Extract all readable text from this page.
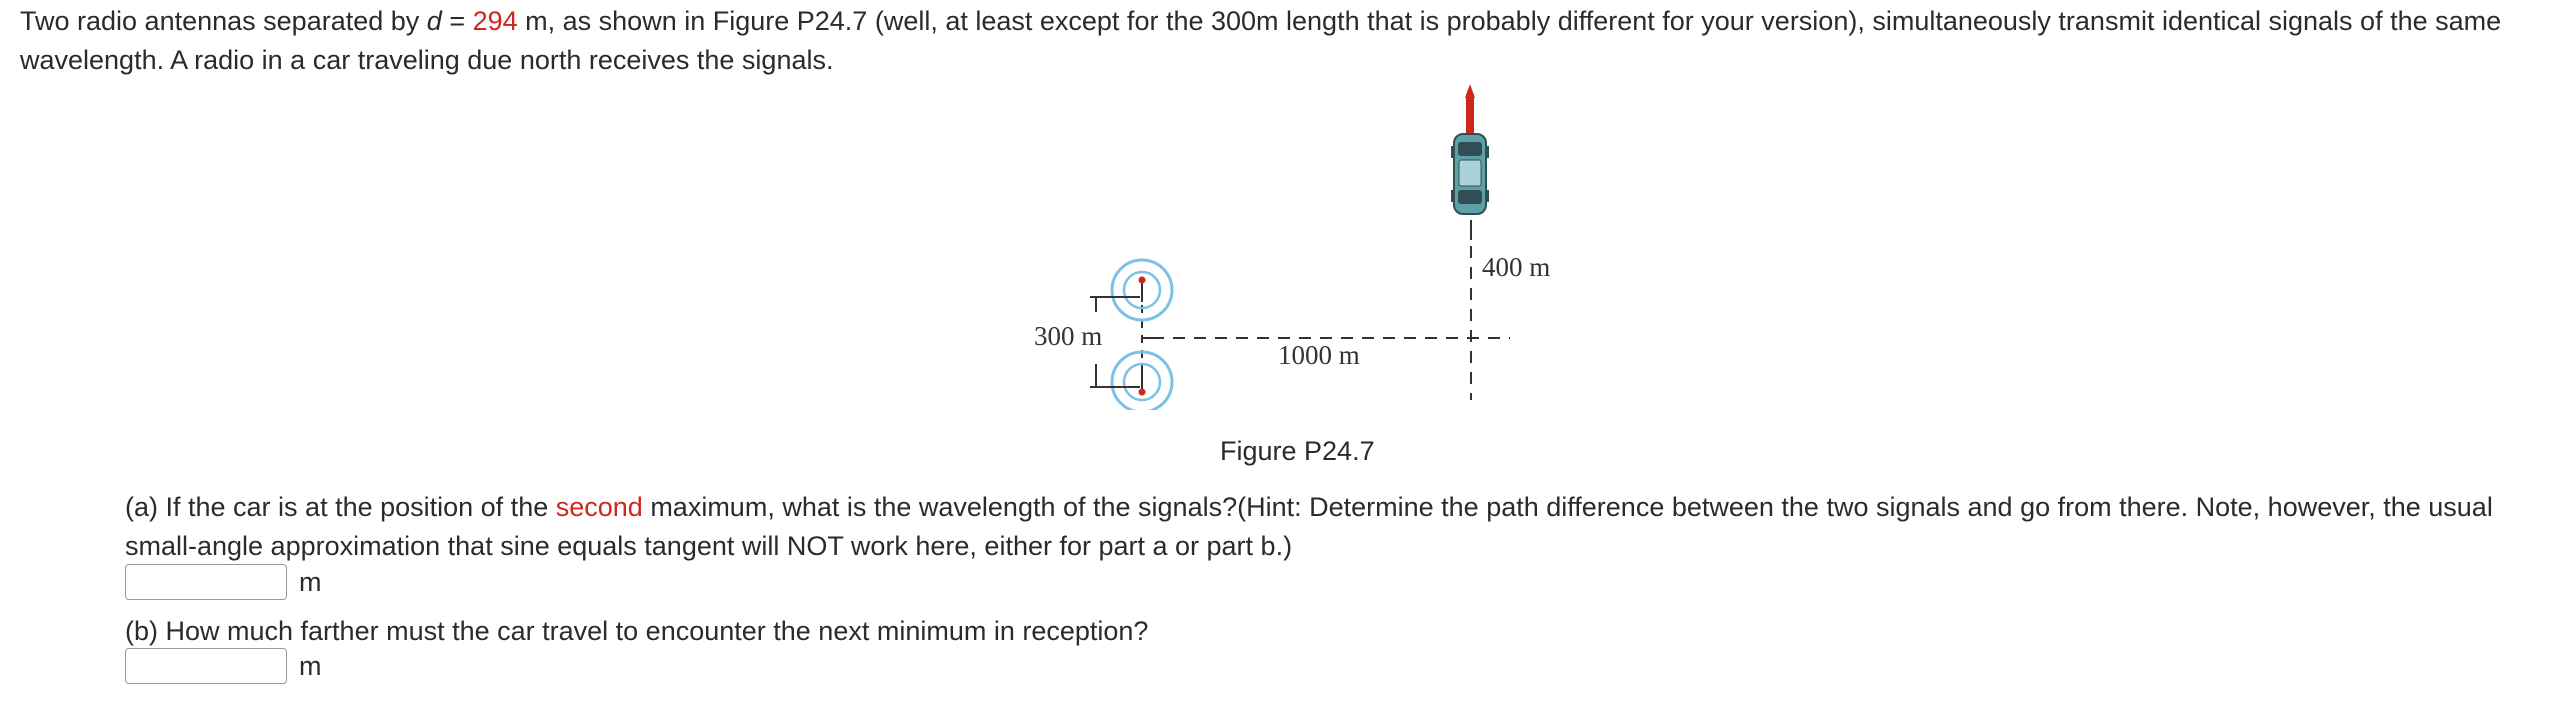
Two radio antennas separated by d = 294 m, as shown in Figure P24.7 (well, at least except for the 300m length that is probably different for your version), simultaneously transmit identical signals of the same wavelength. A radio in a car traveling due north receives the signals.
300 m
1000 m
400 m
Figure P24.7
(a) If the car is at the position of the second maximum, what is the wavelength of the signals?(Hint: Determine the path difference between the two signals and go from there. Note, however, the usual small-angle approximation that sine equals tangent will NOT work here, either for part a or part b.)
m
(b) How much farther must the car travel to encounter the next minimum in reception?
m
